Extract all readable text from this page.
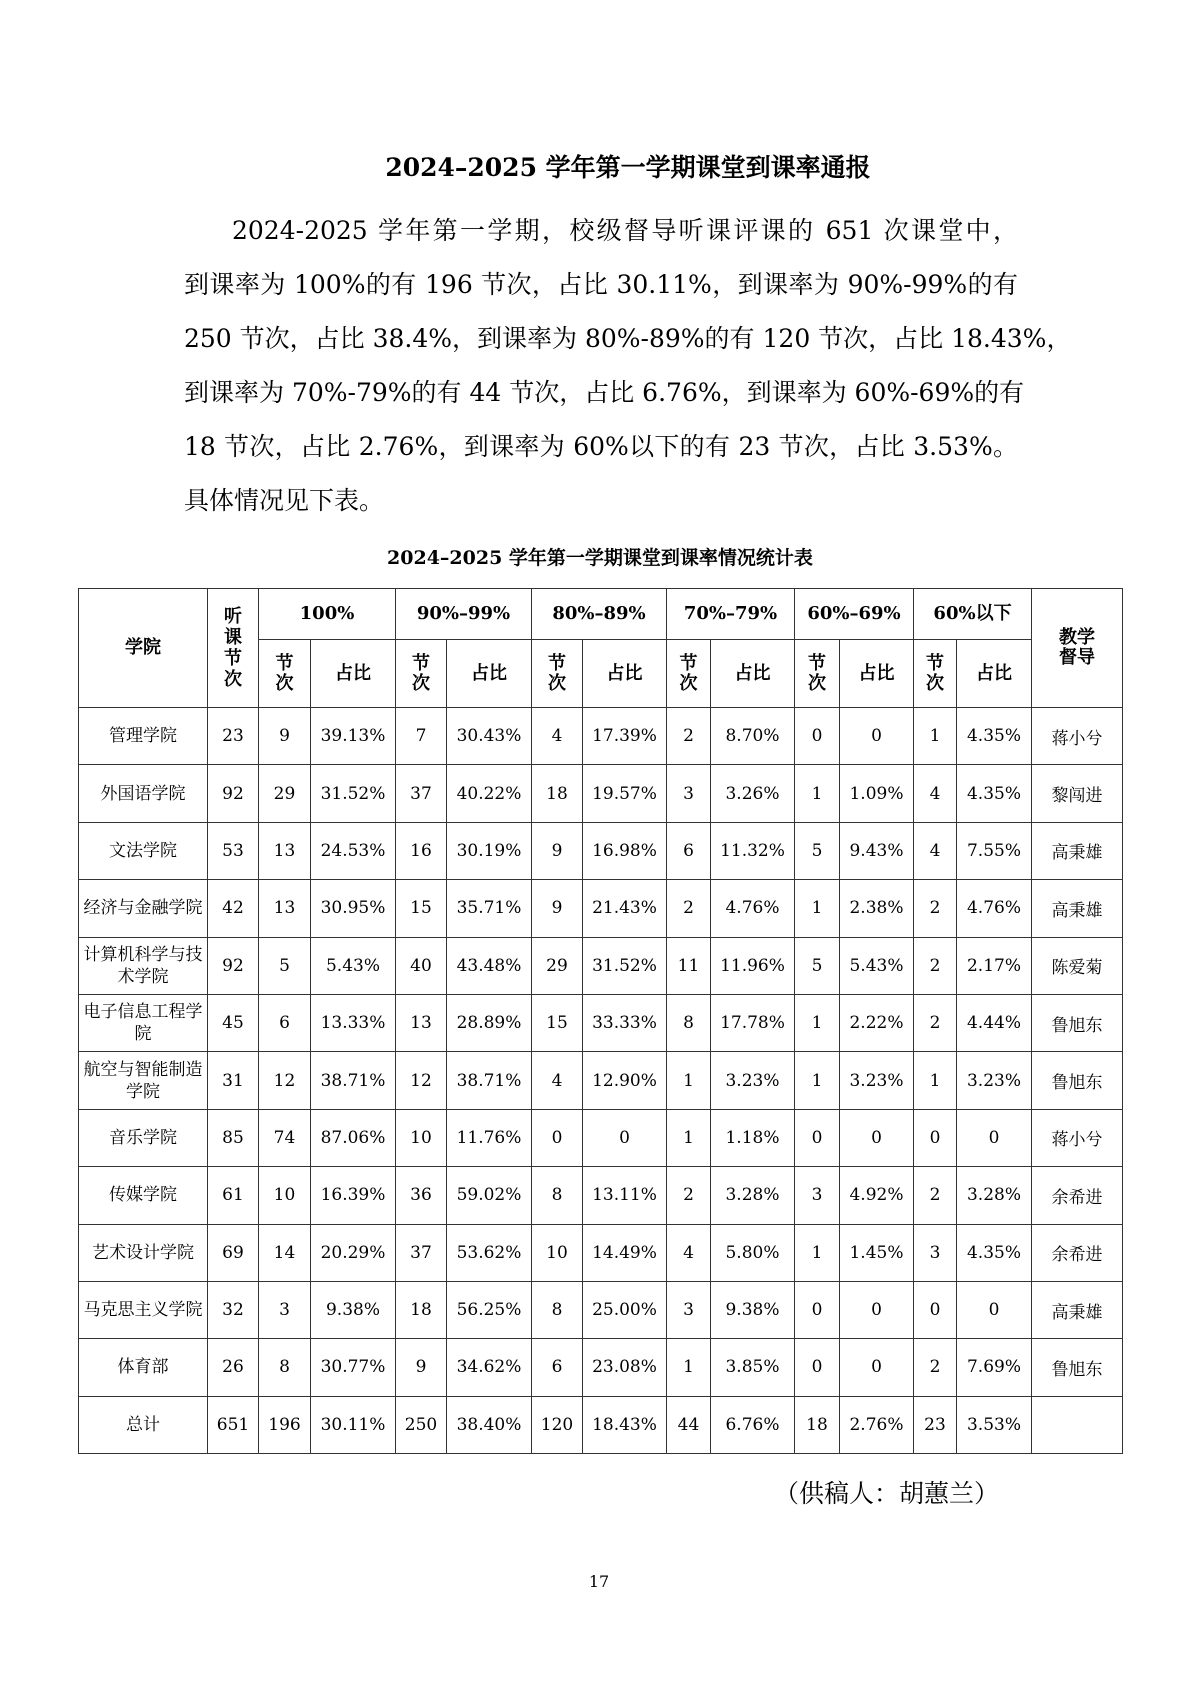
2024–2025 学年第一学期课堂到课率通报
2024-2025 学年第一学期，校级督导听课评课的 651 次课堂中，
到课率为 100%的有 196 节次，占比 30.11%，到课率为 90%-99%的有
250 节次，占比 38.4%，到课率为 80%-89%的有 120 节次，占比 18.43%，
到课率为 70%-79%的有 44 节次，占比 6.76%，到课率为 60%-69%的有
18 节次，占比 2.76%，到课率为 60%以下的有 23 节次，占比 3.53%。
具体情况见下表。
2024–2025 学年第一学期课堂到课率情况统计表
学院	听课节次	100%		90%–99%		80%–89%		70%–79%		60%–69%		60%以下		教学督导
		节次	占比	节次	占比	节次	占比	节次	占比	节次	占比	节次	占比	
管理学院	23	9	39.13%	7	30.43%	4	17.39%	2	8.70%	0	0	1	4.35%	蒋小兮
外国语学院	92	29	31.52%	37	40.22%	18	19.57%	3	3.26%	1	1.09%	4	4.35%	黎闯进
文法学院	53	13	24.53%	16	30.19%	9	16.98%	6	11.32%	5	9.43%	4	7.55%	高秉雄
经济与金融学院	42	13	30.95%	15	35.71%	9	21.43%	2	4.76%	1	2.38%	2	4.76%	高秉雄
计算机科学与技术学院	92	5	5.43%	40	43.48%	29	31.52%	11	11.96%	5	5.43%	2	2.17%	陈爱菊
电子信息工程学院	45	6	13.33%	13	28.89%	15	33.33%	8	17.78%	1	2.22%	2	4.44%	鲁旭东
航空与智能制造学院	31	12	38.71%	12	38.71%	4	12.90%	1	3.23%	1	3.23%	1	3.23%	鲁旭东
音乐学院	85	74	87.06%	10	11.76%	0	0	1	1.18%	0	0	0	0	蒋小兮
传媒学院	61	10	16.39%	36	59.02%	8	13.11%	2	3.28%	3	4.92%	2	3.28%	余希进
艺术设计学院	69	14	20.29%	37	53.62%	10	14.49%	4	5.80%	1	1.45%	3	4.35%	余希进
马克思主义学院	32	3	9.38%	18	56.25%	8	25.00%	3	9.38%	0	0	0	0	高秉雄
体育部	26	8	30.77%	9	34.62%	6	23.08%	1	3.85%	0	0	2	7.69%	鲁旭东
总计	651	196	30.11%	250	38.40%	120	18.43%	44	6.76%	18	2.76%	23	3.53%	
（供稿人：胡蕙兰）
17
